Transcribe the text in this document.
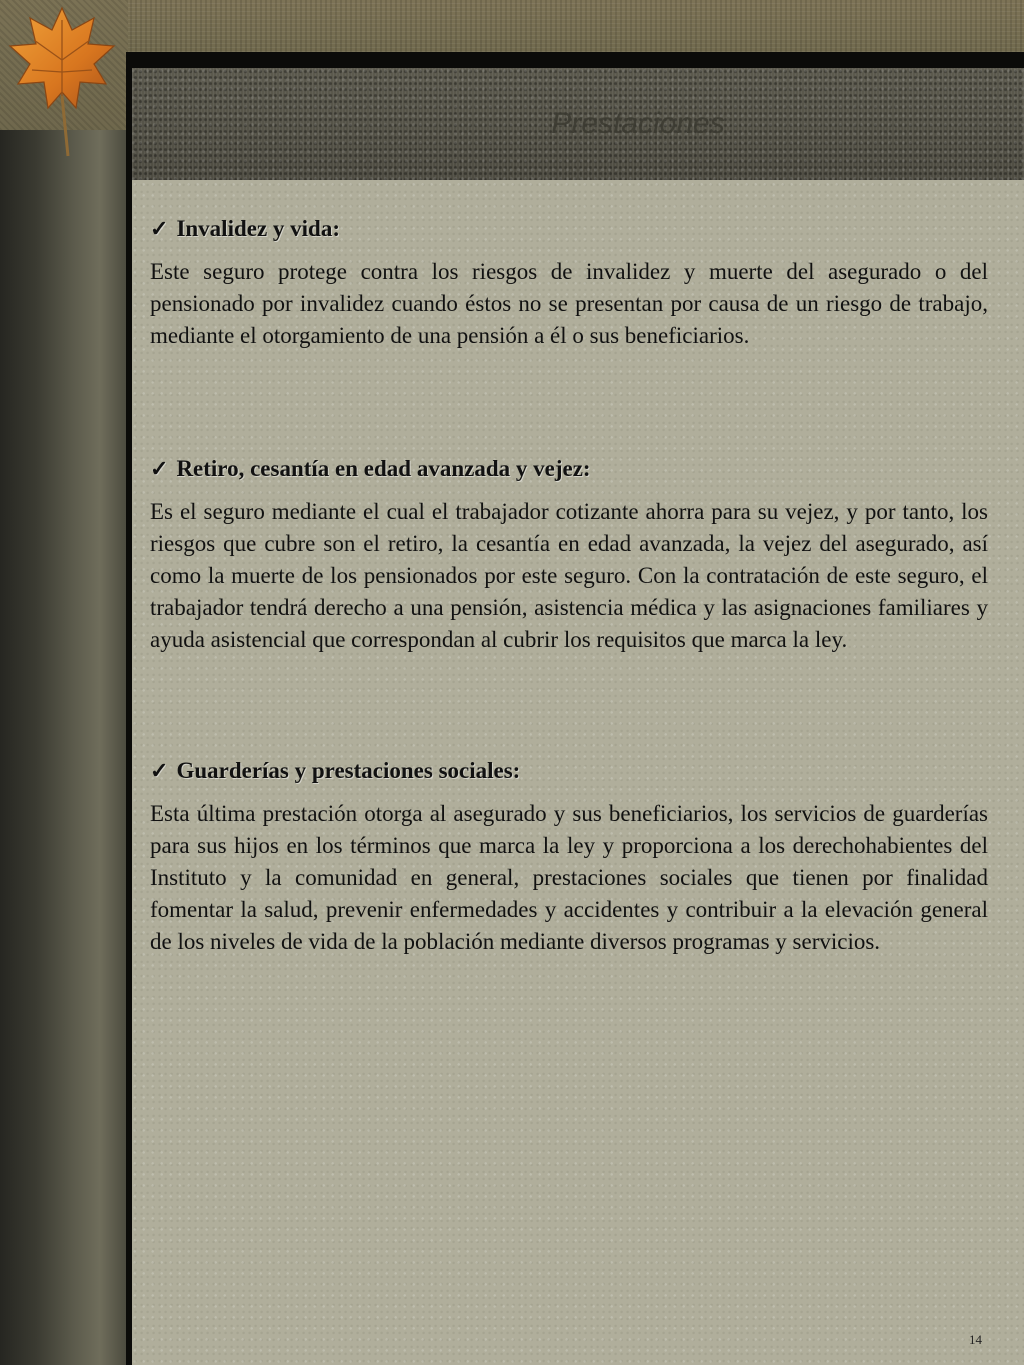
Prestaciones
✓ Invalidez y vida:
Este seguro protege contra los riesgos de invalidez y muerte del asegurado o del pensionado por invalidez cuando éstos no se presentan por causa de un riesgo de trabajo, mediante el otorgamiento de una pensión a él o sus beneficiarios.
✓ Retiro, cesantía en edad avanzada y vejez:
Es el seguro mediante el cual el trabajador cotizante ahorra para su vejez, y por tanto, los riesgos que cubre son el retiro, la cesantía en edad avanzada, la vejez del asegurado, así como la muerte de los pensionados por este seguro. Con la contratación de este seguro, el trabajador tendrá derecho a una pensión, asistencia médica y las asignaciones familiares y ayuda asistencial que correspondan al cubrir los requisitos que marca la ley.
✓ Guarderías y prestaciones sociales:
Esta última prestación otorga al asegurado y sus beneficiarios, los servicios de guarderías para sus hijos en los términos que marca la ley y proporciona a los derechohabientes del Instituto y la comunidad en general, prestaciones sociales que tienen por finalidad fomentar la salud, prevenir enfermedades y accidentes y contribuir a la elevación general de los niveles de vida de la población mediante diversos programas y servicios.
14
